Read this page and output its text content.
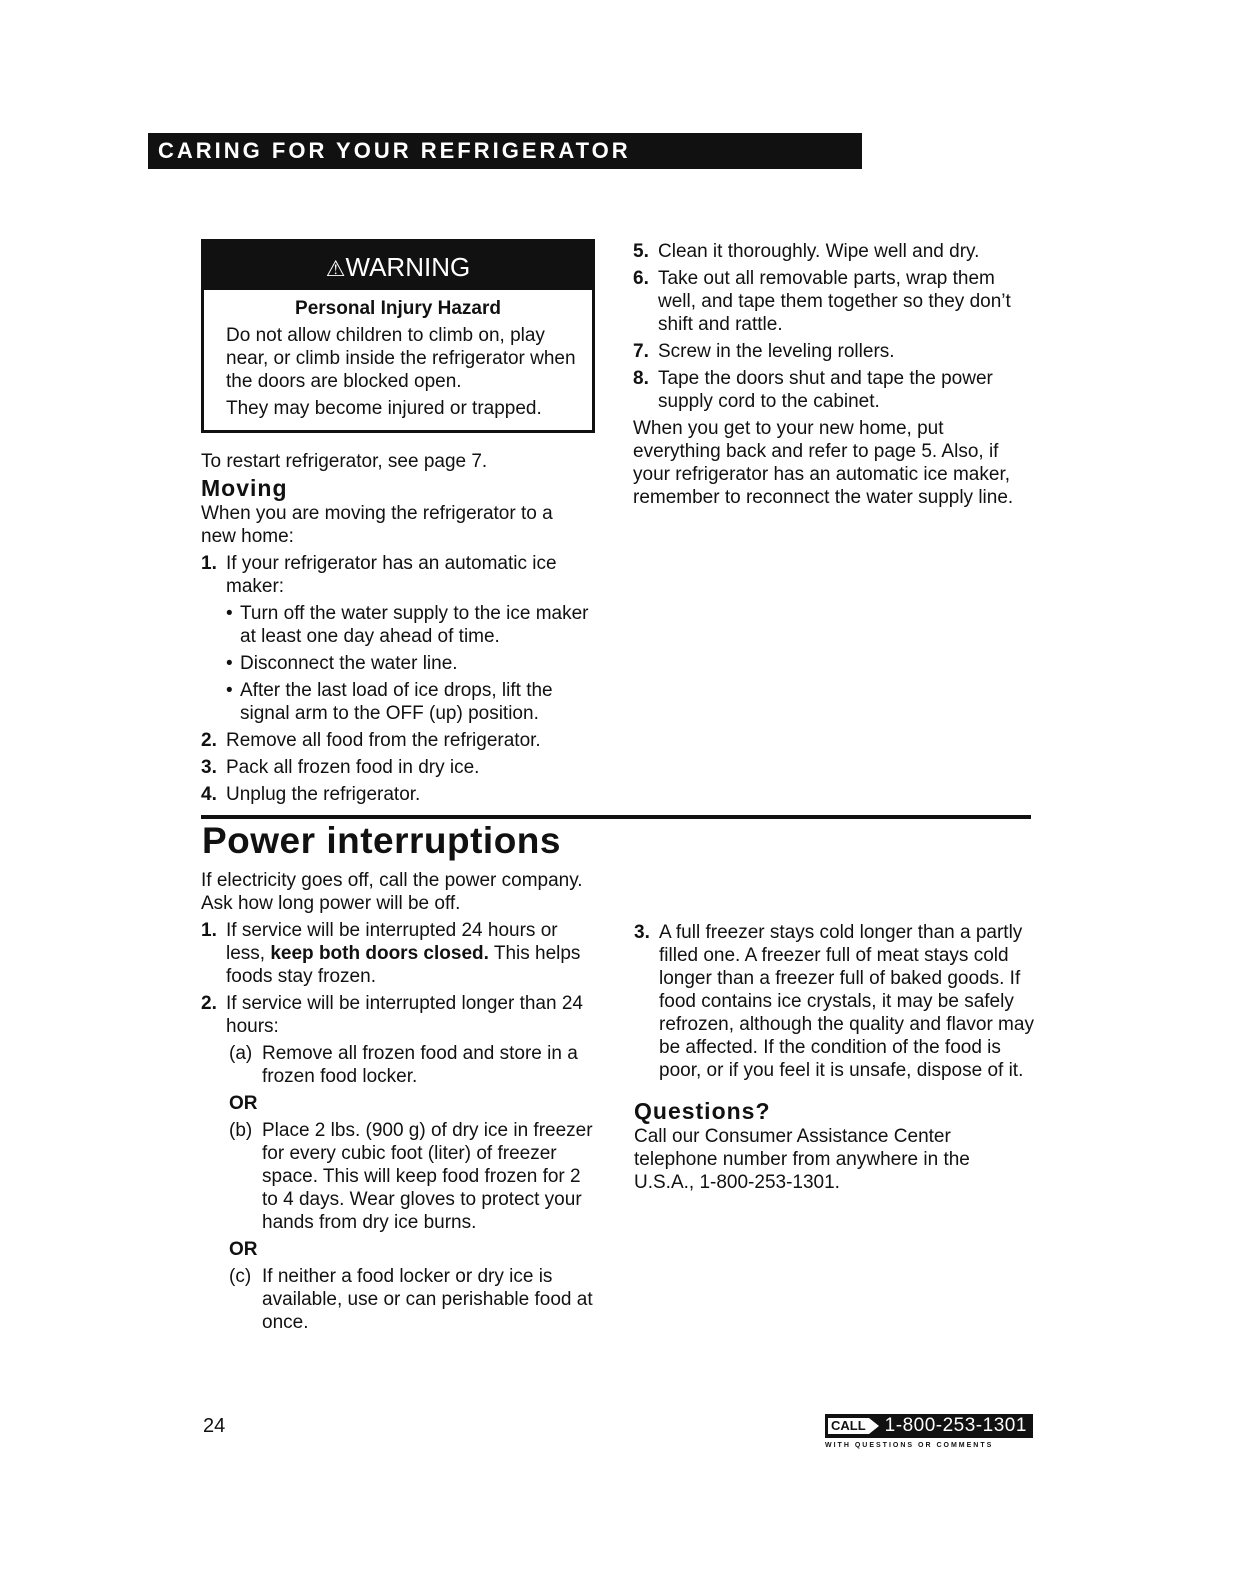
CARING FOR YOUR REFRIGERATOR
⚠WARNING
Personal Injury Hazard

Do not allow children to climb on, play near, or climb inside the refrigerator when the doors are blocked open.

They may become injured or trapped.

To restart refrigerator, see page 7.
Moving
When you are moving the refrigerator to a new home:
1. If your refrigerator has an automatic ice maker:
• Turn off the water supply to the ice maker at least one day ahead of time.
• Disconnect the water line.
• After the last load of ice drops, lift the signal arm to the OFF (up) position.
2. Remove all food from the refrigerator.
3. Pack all frozen food in dry ice.
4. Unplug the refrigerator.
5. Clean it thoroughly. Wipe well and dry.
6. Take out all removable parts, wrap them well, and tape them together so they don’t shift and rattle.
7. Screw in the leveling rollers.
8. Tape the doors shut and tape the power supply cord to the cabinet.
When you get to your new home, put everything back and refer to page 5. Also, if your refrigerator has an automatic ice maker, remember to reconnect the water supply line.
Power interruptions
If electricity goes off, call the power company. Ask how long power will be off.
1. If service will be interrupted 24 hours or less, keep both doors closed. This helps foods stay frozen.
2. If service will be interrupted longer than 24 hours:
(a) Remove all frozen food and store in a frozen food locker.
OR
(b) Place 2 lbs. (900 g) of dry ice in freezer for every cubic foot (liter) of freezer space. This will keep food frozen for 2 to 4 days. Wear gloves to protect your hands from dry ice burns.
OR
(c) If neither a food locker or dry ice is available, use or can perishable food at once.
3. A full freezer stays cold longer than a partly filled one. A freezer full of meat stays cold longer than a freezer full of baked goods. If food contains ice crystals, it may be safely refrozen, although the quality and flavor may be affected. If the condition of the food is poor, or if you feel it is unsafe, dispose of it.
Questions?
Call our Consumer Assistance Center telephone number from anywhere in the U.S.A., 1-800-253-1301.
24	CALL 1-800-253-1301
WITH QUESTIONS OR COMMENTS
